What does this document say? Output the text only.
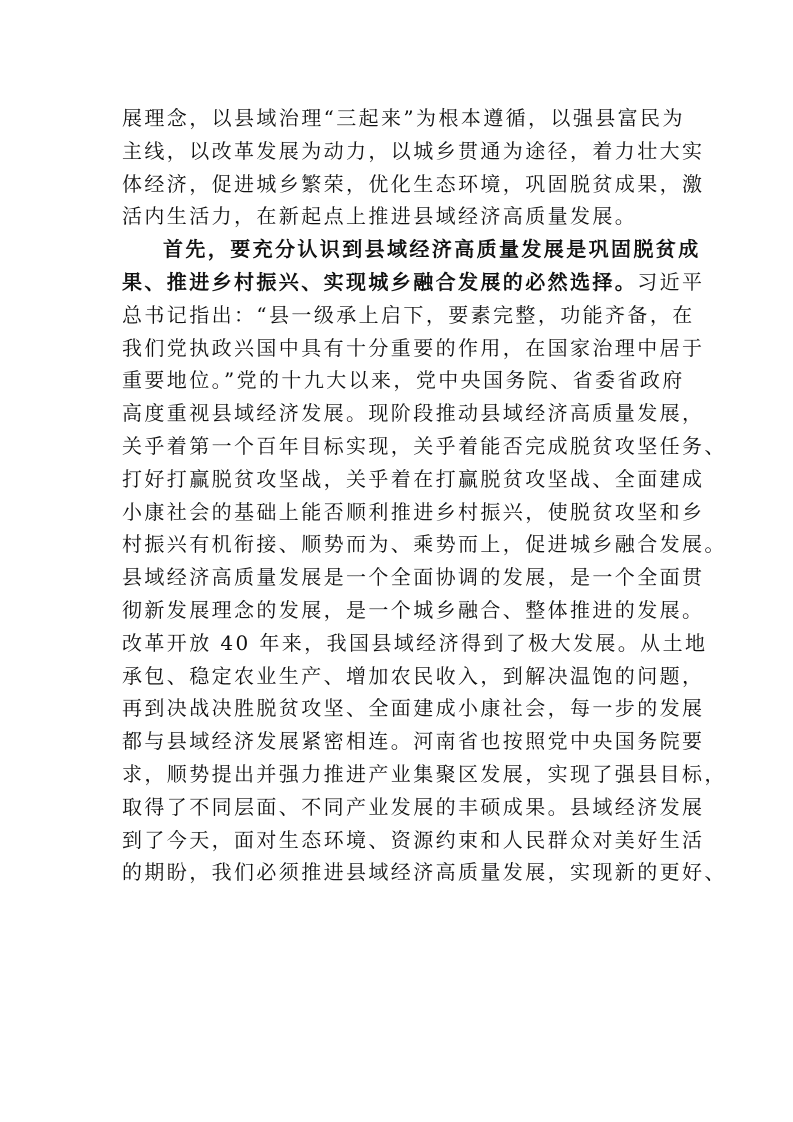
展理念，以县域治理“三起来”为根本遵循，以强县富民为
主线，以改革发展为动力，以城乡贯通为途径，着力壮大实
体经济，促进城乡繁荣，优化生态环境，巩固脱贫成果，激
活内生活力，在新起点上推进县域经济高质量发展。
首先，要充分认识到县域经济高质量发展是巩固脱贫成
果、推进乡村振兴、实现城乡融合发展的必然选择。习近平
总书记指出：“县一级承上启下，要素完整，功能齐备，在
我们党执政兴国中具有十分重要的作用，在国家治理中居于
重要地位。”党的十九大以来，党中央国务院、省委省政府
高度重视县域经济发展。现阶段推动县域经济高质量发展，
关乎着第一个百年目标实现，关乎着能否完成脱贫攻坚任务、
打好打赢脱贫攻坚战，关乎着在打赢脱贫攻坚战、全面建成
小康社会的基础上能否顺利推进乡村振兴，使脱贫攻坚和乡
村振兴有机衔接、顺势而为、乘势而上，促进城乡融合发展。
县域经济高质量发展是一个全面协调的发展，是一个全面贯
彻新发展理念的发展，是一个城乡融合、整体推进的发展。
改革开放 40 年来，我国县域经济得到了极大发展。从土地
承包、稳定农业生产、增加农民收入，到解决温饱的问题，
再到决战决胜脱贫攻坚、全面建成小康社会，每一步的发展
都与县域经济发展紧密相连。河南省也按照党中央国务院要
求，顺势提出并强力推进产业集聚区发展，实现了强县目标，
取得了不同层面、不同产业发展的丰硕成果。县域经济发展
到了今天，面对生态环境、资源约束和人民群众对美好生活
的期盼，我们必须推进县域经济高质量发展，实现新的更好、
